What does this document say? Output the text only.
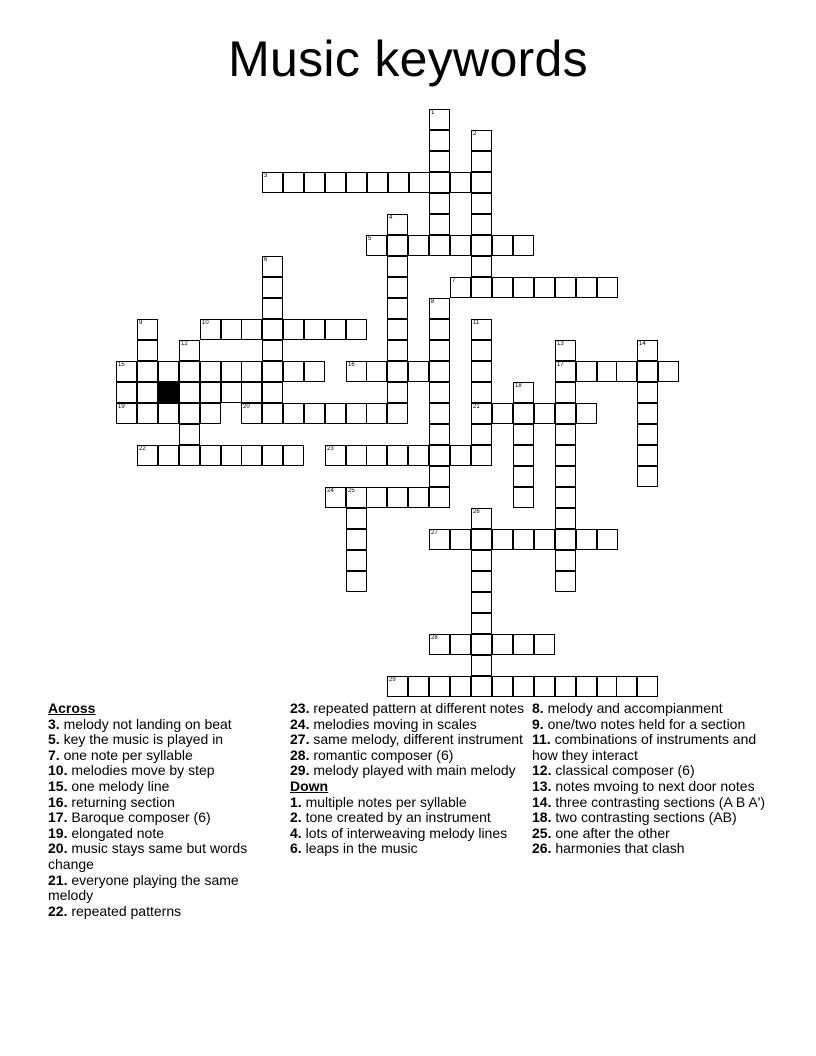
Music keywords
1
2
3
4
5
6
7
8
9	10	11
12	13	14
15	16	17
18
19	20	21
22	23
24 25
26
27
28
29
Across
3. melody not landing on beat
5. key the music is played in
7. one note per syllable
10. melodies move by step
15. one melody line
16. returning section
17. Baroque composer (6)
19. elongated note
20. music stays same but words change
21. everyone playing the same melody
22. repeated patterns
23. repeated pattern at different notes
24. melodies moving in scales
27. same melody, different instrument
28. romantic composer (6)
29. melody played with main melody
Down
1. multiple notes per syllable
2. tone created by an instrument
4. lots of interweaving melody lines
6. leaps in the music
8. melody and accompianment
9. one/two notes held for a section
11. combinations of instruments and how they interact
12. classical composer (6)
13. notes mvoing to next door notes
14. three contrasting sections (A B A')
18. two contrasting sections (AB)
25. one after the other
26. harmonies that clash
